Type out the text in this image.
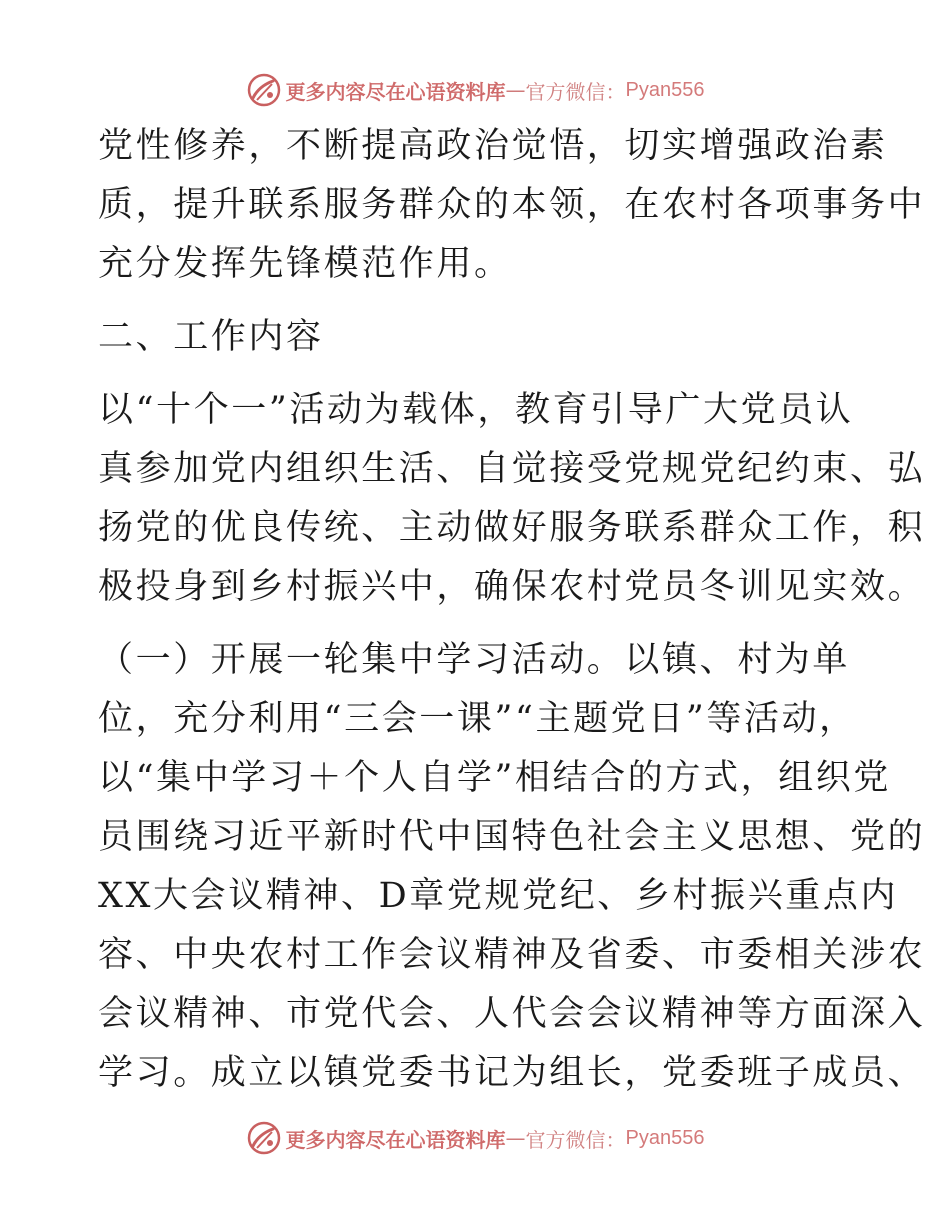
更多内容尽在心语资料库 — 官方微信： Pyan556
党性修养，不断提高政治觉悟，切实增强政治素
质，提升联系服务群众的本领，在农村各项事务中
充分发挥先锋模范作用。
二、工作内容
以“十个一”活动为载体，教育引导广大党员认
真参加党内组织生活、自觉接受党规党纪约束、弘
扬党的优良传统、主动做好服务联系群众工作，积
极投身到乡村振兴中，确保农村党员冬训见实效。
（一）开展一轮集中学习活动。以镇、村为单
位，充分利用“三会一课”“主题党日”等活动，
以“集中学习＋个人自学”相结合的方式，组织党
员围绕习近平新时代中国特色社会主义思想、党的
XX大会议精神、D章党规党纪、乡村振兴重点内
容、中央农村工作会议精神及省委、市委相关涉农
会议精神、市党代会、人代会会议精神等方面深入
学习。成立以镇党委书记为组长，党委班子成员、
更多内容尽在心语资料库 — 官方微信： Pyan556
